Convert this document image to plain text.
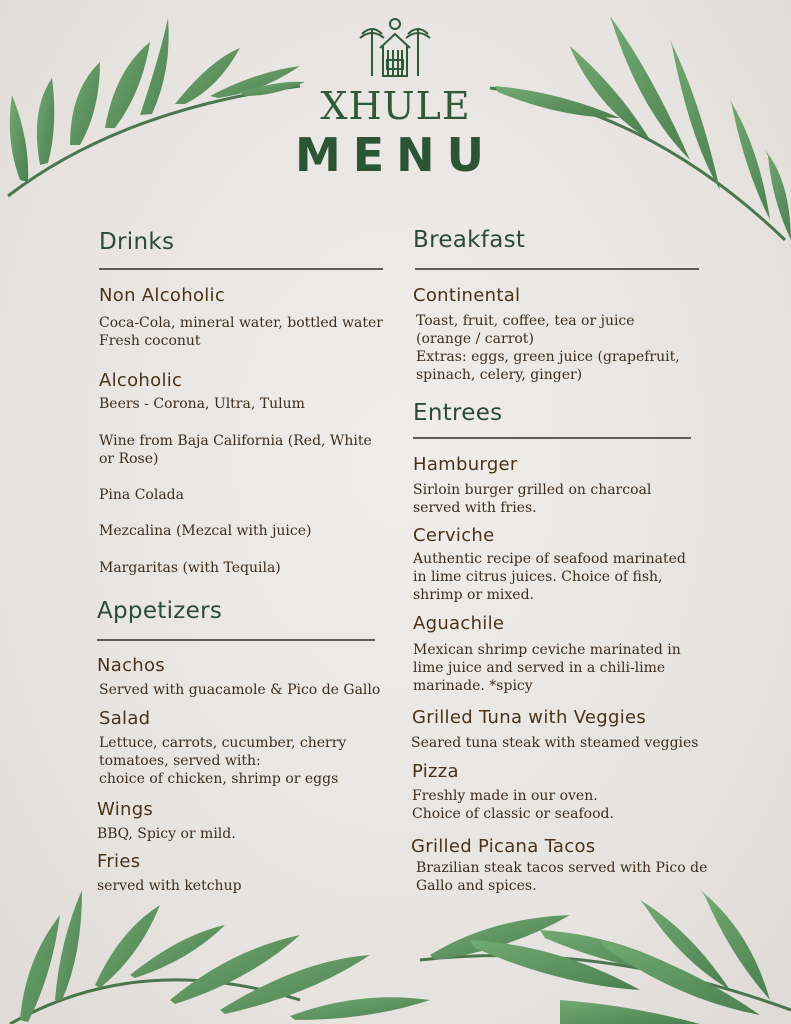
XHULE
MENU
Drinks
Non Alcoholic
Coca-Cola, mineral water, bottled water
Fresh coconut
Alcoholic
Beers - Corona, Ultra, Tulum
Wine from Baja California (Red, White
or Rose)
Pina Colada
Mezcalina (Mezcal with juice)
Margaritas (with Tequila)
Appetizers
Nachos
Served with guacamole & Pico de Gallo
Salad
Lettuce, carrots, cucumber, cherry
tomatoes, served with:
choice of chicken, shrimp or eggs
Wings
BBQ, Spicy or mild.
Fries
served with ketchup
Breakfast
Continental
Toast, fruit, coffee, tea or juice
(orange / carrot)
Extras: eggs, green juice (grapefruit,
spinach, celery, ginger)
Entrees
Hamburger
Sirloin burger grilled on charcoal
served with fries.
Cerviche
Authentic recipe of seafood marinated
in lime citrus juices. Choice of fish,
shrimp or mixed.
Aguachile
Mexican shrimp ceviche marinated in
lime juice and served in a chili-lime
marinade. *spicy
Grilled Tuna with Veggies
Seared tuna steak with steamed veggies
Pizza
Freshly made in our oven.
Choice of classic or seafood.
Grilled Picana Tacos
Brazilian steak tacos served with Pico de
Gallo and spices.
